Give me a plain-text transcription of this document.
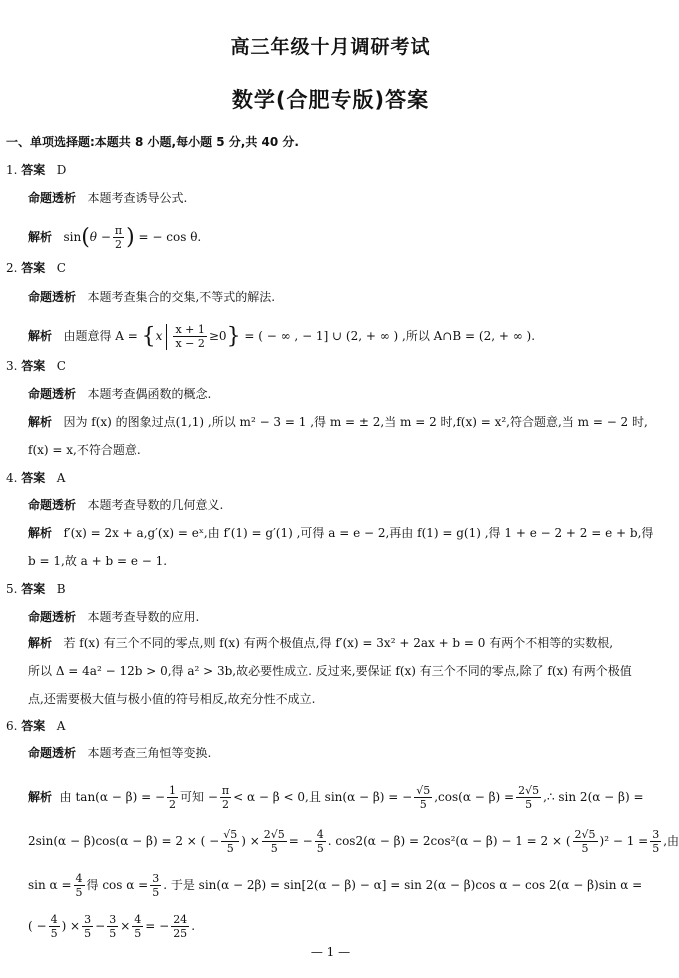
高三年级十月调研考试
数学(合肥专版)答案
一、单项选择题:本题共 8 小题,每小题 5 分,共 40 分.
1. 答案 D
命题透析 本题考查诱导公式.
解析 $\sin(\theta - \frac{\pi}{2}$ ) = − cos θ.
2. 答案 C
命题透析 本题考查集合的交集,不等式的解法.
解析 由题意得 $A = \{x \frac{x + 1}{x - 2} \ge 0\}$ = ( − ∞ , − 1] ∪ (2, + ∞ ) ,所以 A∩B = (2, + ∞ ).
3. 答案 C
命题透析 本题考查偶函数的概念.
解析 因为 f(x) 的图象过点(1,1) ,所以 m² − 3 = 1 ,得 m = ± 2,当 m = 2 时,f(x) = x²,符合题意,当 m = − 2 时,
f(x) = x,不符合题意.
4. 答案 A
命题透析 本题考查导数的几何意义.
解析 f′(x) = 2x + a,g′(x) = eˣ,由 f′(1) = g′(1) ,可得 a = e − 2,再由 f(1) = g(1) ,得 1 + e − 2 + 2 = e + b,得
b = 1,故 a + b = e − 1.
5. 答案 B
命题透析 本题考查导数的应用.
解析 若 f(x) 有三个不同的零点,则 f(x) 有两个极值点,得 f′(x) = 3x² + 2ax + b = 0 有两个不相等的实数根,
所以 Δ = 4a² − 12b > 0,得 a² > 3b,故必要性成立. 反过来,要保证 f(x) 有三个不同的零点,除了 f(x) 有两个极值
点,还需要极大值与极小值的符号相反,故充分性不成立.
6. 答案 A
命题透析 本题考查三角恒等变换.
解析 由 tan(α − β) = − $\frac{1}{2}$ 可知 − $\frac{\pi}{2} < \alpha - \beta < 0$,且 sin(α − β) = − $\frac{√5}{5} ,\cos(\alpha - \beta) = \frac{2√5}{5}$ ,∴ sin 2(α − β) =
2sin(α − β)cos(α − β) = 2 × ( − $\frac{√5}{5}$ ) × $\frac{2√5}{5}$ = − $\frac{4}{5}$ . cos2(α − β) = 2cos²(α − β) − 1 = 2 × ( $\frac{2√5}{5} )^2 - 1 = \frac{3}{5}$ ,由
$\sin \alpha = \frac{4}{5}$ 得 $\cos \alpha = \frac{3}{5}$ . 于是 sin(α − 2β) = sin[2(α − β) − α] = sin 2(α − β)cos α − cos 2(α − β)sin α =
( − $\frac{4}{5}$ ) × $\frac{3}{5} - \frac{3}{5} \times \frac{4}{5}$ = − $\frac{24}{25}$ .
— 1 —
